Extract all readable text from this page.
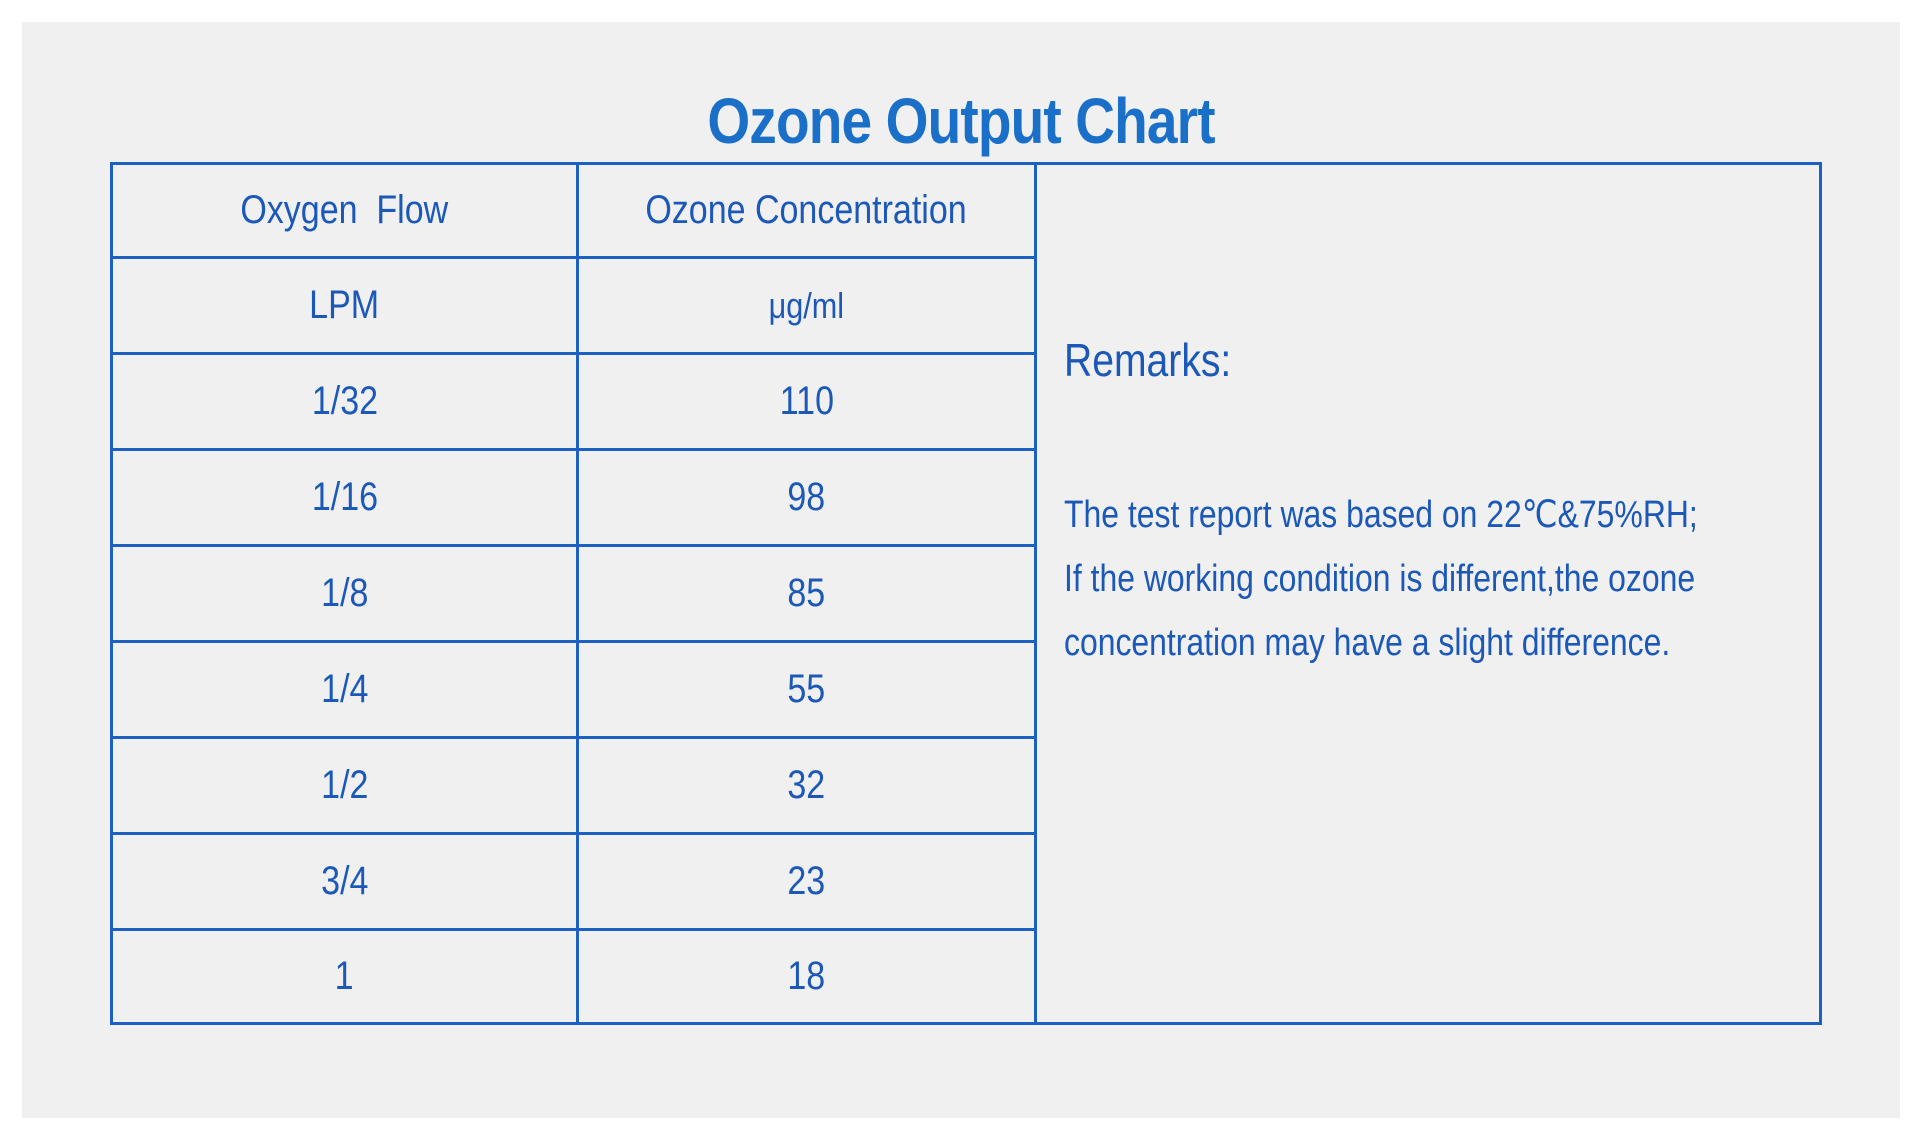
Ozone Output Chart
Oxygen  Flow	Ozone Concentration
LPM	μg/ml
1/32	110
1/16	98
1/8	85
1/4	55
1/2	32
3/4	23
1	18
Remarks:
The test report was based on 22℃&75%RH;
If the working condition is different,the ozone
concentration may have a slight difference.
